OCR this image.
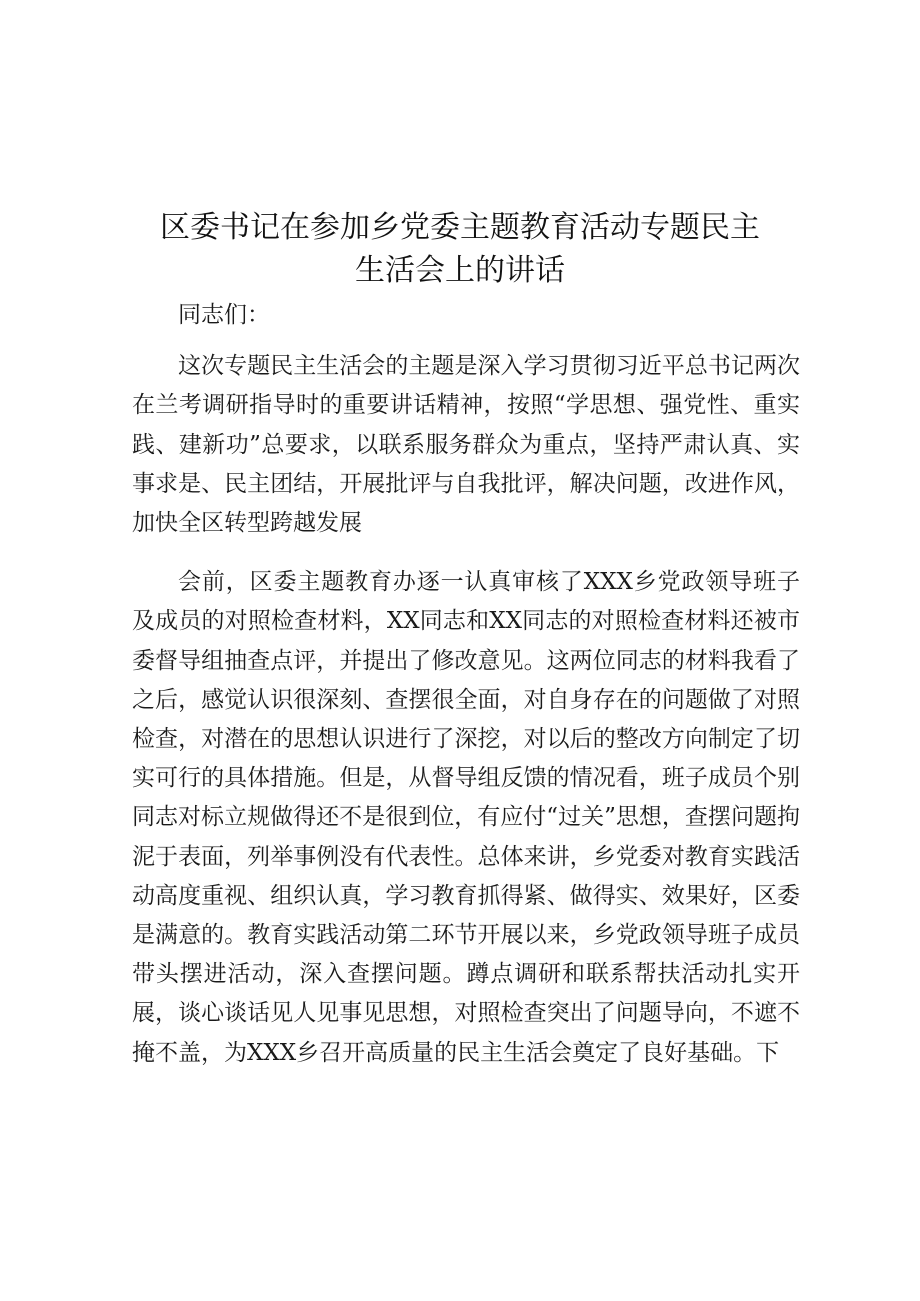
区委书记在参加乡党委主题教育活动专题民主
生活会上的讲话

同志们：

这次专题民主生活会的主题是深入学习贯彻习近平总书记两次在兰考调研指导时的重要讲话精神，按照“学思想、强党性、重实践、建新功”总要求，以联系服务群众为重点，坚持严肃认真、实事求是、民主团结，开展批评与自我批评，解决问题，改进作风，加快全区转型跨越发展

会前，区委主题教育办逐一认真审核了XXX乡党政领导班子及成员的对照检查材料，XX同志和XX同志的对照检查材料还被市委督导组抽查点评，并提出了修改意见。这两位同志的材料我看了之后，感觉认识很深刻、查摆很全面，对自身存在的问题做了对照检查，对潜在的思想认识进行了深挖，对以后的整改方向制定了切实可行的具体措施。但是，从督导组反馈的情况看，班子成员个别同志对标立规做得还不是很到位，有应付“过关”思想，查摆问题拘泥于表面，列举事例没有代表性。总体来讲，乡党委对教育实践活动高度重视、组织认真，学习教育抓得紧、做得实、效果好，区委是满意的。教育实践活动第二环节开展以来，乡党政领导班子成员带头摆进活动，深入查摆问题。蹲点调研和联系帮扶活动扎实开展，谈心谈话见人见事见思想，对照检查突出了问题导向，不遮不掩不盖，为XXX乡召开高质量的民主生活会奠定了良好基础。下
